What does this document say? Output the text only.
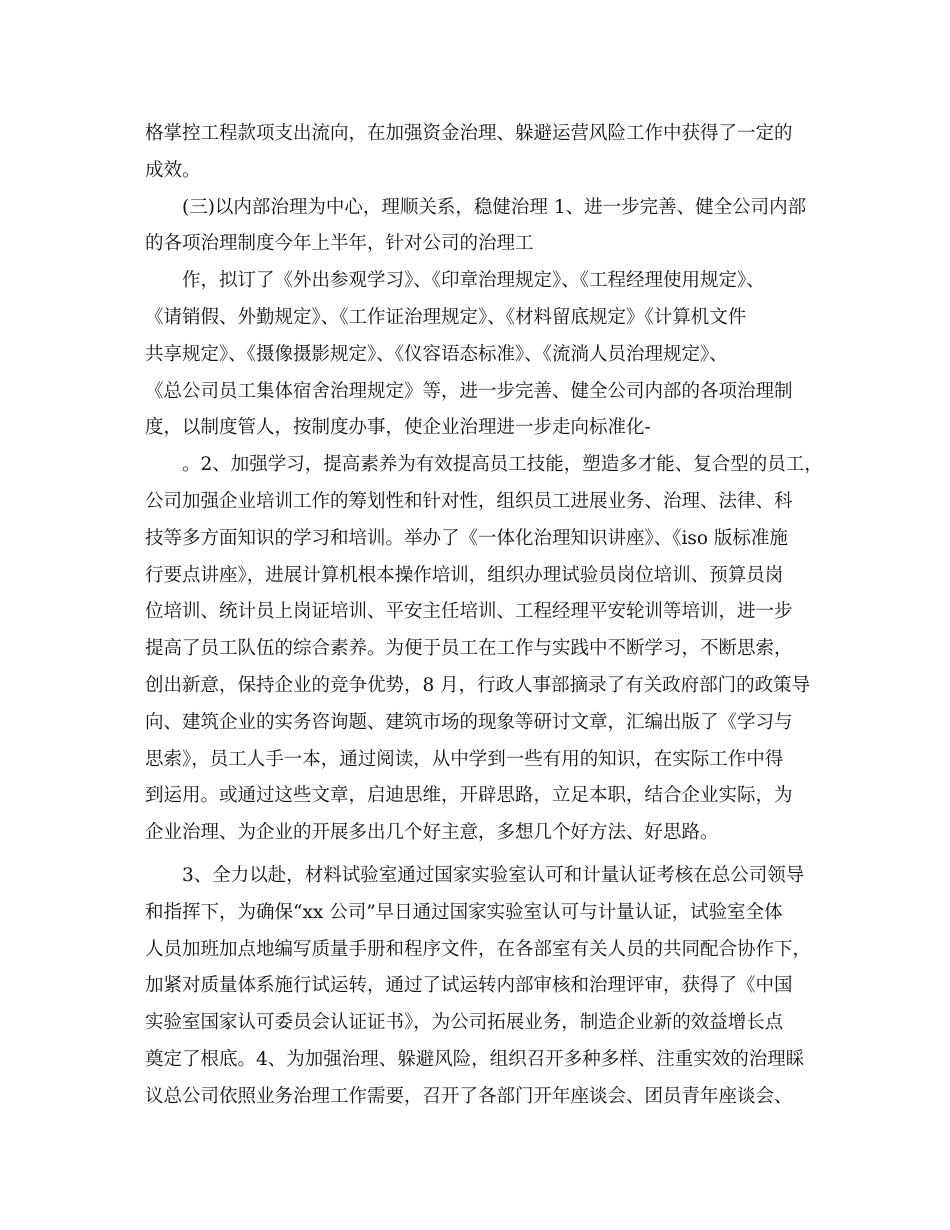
格掌控工程款项支出流向，在加强资金治理、躲避运营风险工作中获得了一定的
成效。
(三)以内部治理为中心，理顺关系，稳健治理 1、进一步完善、健全公司内部
的各项治理制度今年上半年，针对公司的治理工
作，拟订了《外出参观学习》、《印章治理规定》、《工程经理使用规定》、
《请销假、外勤规定》、《工作证治理规定》、《材料留底规定》《计算机文件
共享规定》、《摄像摄影规定》、《仪容语态标准》、《流淌人员治理规定》、
《总公司员工集体宿舍治理规定》等，进一步完善、健全公司内部的各项治理制
度，以制度管人，按制度办事，使企业治理进一步走向标准化-
。2、加强学习，提高素养为有效提高员工技能，塑造多才能、复合型的员工，
公司加强企业培训工作的筹划性和针对性，组织员工进展业务、治理、法律、科
技等多方面知识的学习和培训。举办了《一体化治理知识讲座》、《iso 版标准施
行要点讲座》，进展计算机根本操作培训，组织办理试验员岗位培训、预算员岗
位培训、统计员上岗证培训、平安主任培训、工程经理平安轮训等培训，进一步
提高了员工队伍的综合素养。为便于员工在工作与实践中不断学习，不断思索，
创出新意，保持企业的竞争优势，8 月，行政人事部摘录了有关政府部门的政策导
向、建筑企业的实务咨询题、建筑市场的现象等研讨文章，汇编出版了《学习与
思索》，员工人手一本，通过阅读，从中学到一些有用的知识，在实际工作中得
到运用。或通过这些文章，启迪思维，开辟思路，立足本职，结合企业实际，为
企业治理、为企业的开展多出几个好主意，多想几个好方法、好思路。
3、全力以赴，材料试验室通过国家实验室认可和计量认证考核在总公司领导
和指挥下，为确保“xx 公司”早日通过国家实验室认可与计量认证，试验室全体
人员加班加点地编写质量手册和程序文件，在各部室有关人员的共同配合协作下，
加紧对质量体系施行试运转，通过了试运转内部审核和治理评审，获得了《中国
实验室国家认可委员会认证证书》，为公司拓展业务，制造企业新的效益增长点
奠定了根底。4、为加强治理、躲避风险，组织召开多种多样、注重实效的治理睬
议总公司依照业务治理工作需要，召开了各部门开年座谈会、团员青年座谈会、
